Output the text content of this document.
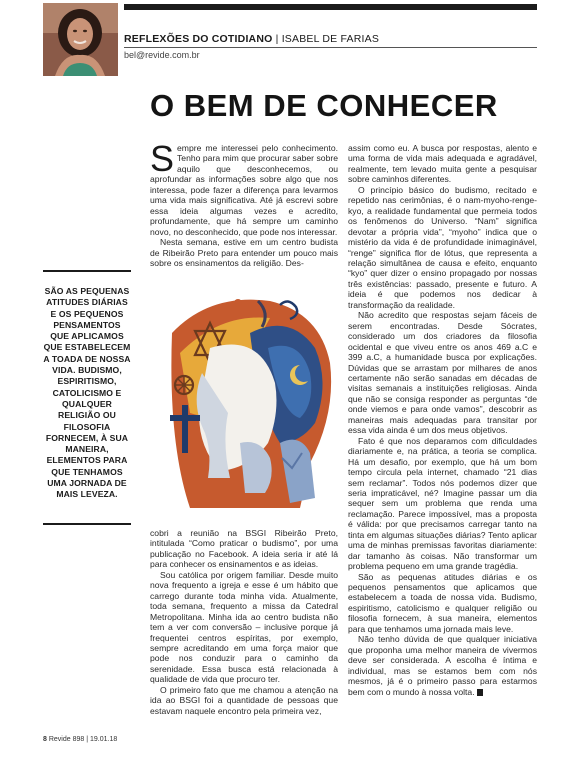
REFLEXÕES DO COTIDIANO | ISABEL DE FARIAS
bel@revide.com.br
O BEM DE CONHECER
SÃO AS PEQUENAS ATITUDES DIÁRIAS E OS PEQUENOS PENSAMENTOS QUE APLICAMOS QUE ESTABELECEM A TOADA DE NOSSA VIDA. BUDISMO, ESPIRITISMO, CATOLICISMO E QUALQUER RELIGIÃO OU FILOSOFIA FORNECEM, À SUA MANEIRA, ELEMENTOS PARA QUE TENHAMOS UMA JORNADA DE MAIS LEVEZA.

Sempre me interessei pelo conhecimento. Tenho para mim que procurar saber sobre aquilo que desconhecemos, ou aprofundar as informações sobre algo que nos interessa, pode fazer a diferença para levarmos uma vida mais significativa. Até já escrevi sobre essa ideia algumas vezes e acredito, profundamente, que há sempre um caminho novo, no desconhecido, que pode nos interessar.

Nesta semana, estive em um centro budista de Ribeirão Preto para entender um pouco mais sobre os ensinamentos da religião. Des-

cobri a reunião na BSGI Ribeirão Preto, intitulada “Como praticar o budismo”, por uma publicação no Facebook. A ideia seria ir até lá para conhecer os ensinamentos e as ideias.

Sou católica por origem familiar. Desde muito nova frequento a igreja e esse é um hábito que carrego durante toda minha vida. Atualmente, toda semana, frequento a missa da Catedral Metropolitana. Minha ida ao centro budista não tem a ver com conversão – inclusive porque já frequentei centros espíritas, por exemplo, sempre acreditando em uma força maior que pode nos conduzir para o caminho da serenidade. Essa busca está relacionada à qualidade de vida que procuro ter.

O primeiro fato que me chamou a atenção na ida ao BSGI foi a quantidade de pessoas que estavam naquele encontro pela primeira vez,

assim como eu. A busca por respostas, alento e uma forma de vida mais adequada e agradável, realmente, tem levado muita gente a pesquisar sobre caminhos diferentes.

O princípio básico do budismo, recitado e repetido nas cerimônias, é o nam-myoho-renge-kyo, a realidade fundamental que permeia todos os fenômenos do Universo. “Nam” significa devotar a própria vida”, “myoho” indica que o mistério da vida é de profundidade inimaginável, “renge” significa flor de lótus, que representa a relação simultânea de causa e efeito, enquanto “kyo” quer dizer o ensino propagado por nossas três existências: passado, presente e futuro. A ideia é que podemos nos dedicar à transformação da realidade.

Não acredito que respostas sejam fáceis de serem encontradas. Desde Sócrates, considerado um dos criadores da filosofia ocidental e que viveu entre os anos 469 a.C e 399 a.C, a humanidade busca por explicações. Dúvidas que se arrastam por milhares de anos certamente não serão sanadas em décadas de visitas semanais a instituições religiosas. Ainda que não se consiga responder as perguntas “de onde viemos e para onde vamos”, descobrir as maneiras mais adequadas para transitar por essa vida ainda é um dos meus objetivos.

Fato é que nos deparamos com dificuldades diariamente e, na prática, a teoria se complica. Há um desafio, por exemplo, que há um bom tempo circula pela internet, chamado “21 dias sem reclamar”. Todos nós podemos dizer que seria impraticável, né? Imagine passar um dia sequer sem um problema que renda uma reclamação. Parece impossível, mas a proposta é válida: por que precisamos carregar tanto na tinta em algumas situações diárias? Tento aplicar uma de minhas premissas favoritas diariamente: dar tamanho às coisas. Não transformar um problema pequeno em uma grande tragédia.

São as pequenas atitudes diárias e os pequenos pensamentos que aplicamos que estabelecem a toada de nossa vida. Budismo, espiritismo, catolicismo e qualquer religião ou filosofia fornecem, à sua maneira, elementos para que tenhamos uma jornada mais leve.

Não tenho dúvida de que qualquer iniciativa que proponha uma melhor maneira de vivermos deve ser considerada. A escolha é íntima e individual, mas se estamos bem com nós mesmos, já é o primeiro passo para estarmos bem com o mundo à nossa volta.

8 Revide 898 | 19.01.18
